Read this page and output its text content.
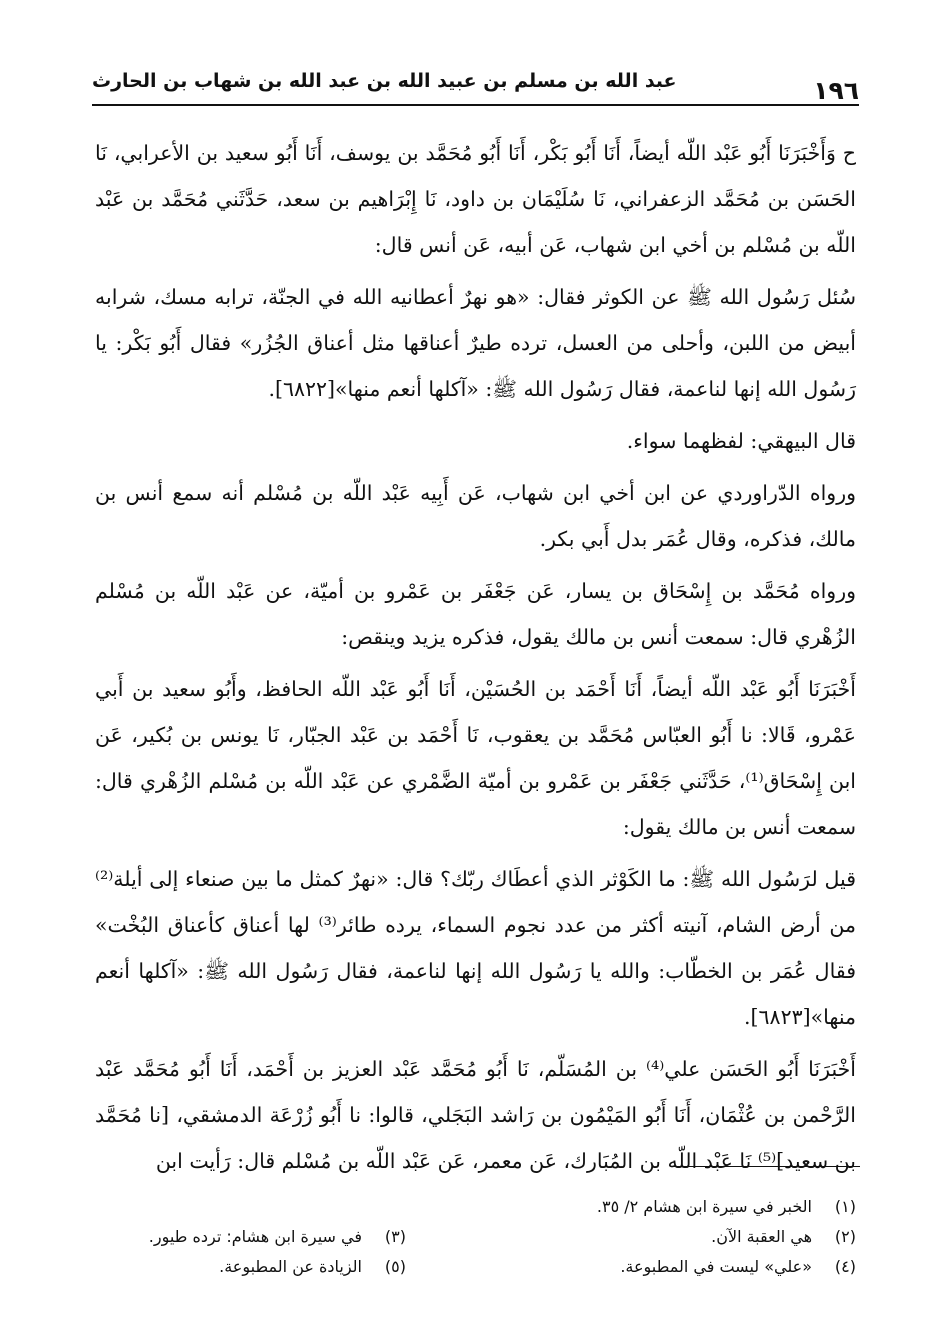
١٩٦
عبد الله بن مسلم بن عبيد الله بن عبد الله بن شهاب بن الحارث

ح وَأَخْبَرَنَا أَبُو عَبْد اللّه أيضاً، أَنَا أَبُو بَكْر، أَنَا أَبُو مُحَمَّد بن يوسف، أَنَا أَبُو سعيد بن الأعرابي، نَا الحَسَن بن مُحَمَّد الزعفراني، نَا سُلَيْمَان بن داود، نَا إِبْرَاهيم بن سعد، حَدَّثَني مُحَمَّد بن عَبْد اللّه بن مُسْلم بن أخي ابن شهاب، عَن أبيه، عَن أنس قال:

سُئل رَسُول الله ﷺ عن الكوثر فقال: «هو نهرٌ أعطانيه الله في الجنّة، ترابه مسك، شرابه أبيض من اللبن، وأحلى من العسل، ترده طيرٌ أعناقها مثل أعناق الجُزُر» فقال أَبُو بَكْر: يا رَسُول الله إنها لناعمة، فقال رَسُول الله ﷺ: «آكلها أنعم منها»[٦٨٢٢].

قال البيهقي: لفظهما سواء.

ورواه الدّراوردي عن ابن أخي ابن شهاب، عَن أَبِيه عَبْد اللّه بن مُسْلم أنه سمع أنس بن مالك، فذكره، وقال عُمَر بدل أَبي بكر.

ورواه مُحَمَّد بن إِسْحَاق بن يسار، عَن جَعْفَر بن عَمْرو بن أميّة، عن عَبْد اللّه بن مُسْلم الزُهْري قال: سمعت أنس بن مالك يقول، فذكره يزيد وينقص:

أَخْبَرَنَا أَبُو عَبْد اللّه أيضاً، أَنَا أَحْمَد بن الحُسَيْن، أَنَا أَبُو عَبْد اللّه الحافظ، وأَبُو سعيد بن أَبي عَمْرو، قَالا: نا أَبُو العبّاس مُحَمَّد بن يعقوب، نَا أَحْمَد بن عَبْد الجبّار، نَا يونس بن بُكير، عَن ابن إِسْحَاق⁽¹⁾، حَدَّثَني جَعْفَر بن عَمْرو بن أميّة الضَّمْري عن عَبْد اللّه بن مُسْلم الزُهْري قال: سمعت أنس بن مالك يقول:

قيل لرَسُول الله ﷺ: ما الكَوْثر الذي أعطَاك ربّك؟ قال: «نهرٌ كمثل ما بين صنعاء إلى أيلة⁽²⁾ من أرض الشام، آنيته أكثر من عدد نجوم السماء، يرده طائر⁽³⁾ لها أعناق كأعناق البُخْت» فقال عُمَر بن الخطّاب: والله يا رَسُول الله إنها لناعمة، فقال رَسُول الله ﷺ: «آكلها أنعم منها»[٦٨٢٣].

أَخْبَرَنَا أَبُو الحَسَن علي⁽⁴⁾ بن المُسَلّم، نَا أَبُو مُحَمَّد عَبْد العزيز بن أَحْمَد، أَنَا أَبُو مُحَمَّد عَبْد الرَّحْمن بن عُثْمَان، أَنَا أَبُو المَيْمُون بن رَاشد البَجَلي، قالوا: نا أَبُو زُرْعَة الدمشقي، [نا مُحَمَّد بن سعيد]⁽⁵⁾ نَا عَبْد اللّه بن المُبَارك، عَن معمر، عَن عَبْد اللّه بن مُسْلم قال: رَأيت ابن

(١)الخبر في سيرة ابن هشام ٢/ ٣٥.
(٢)هي العقبة الآن.
(٤)«علي» ليست في المطبوعة.
(٣)في سيرة ابن هشام: ترده طيور.
(٥)الزيادة عن المطبوعة.
